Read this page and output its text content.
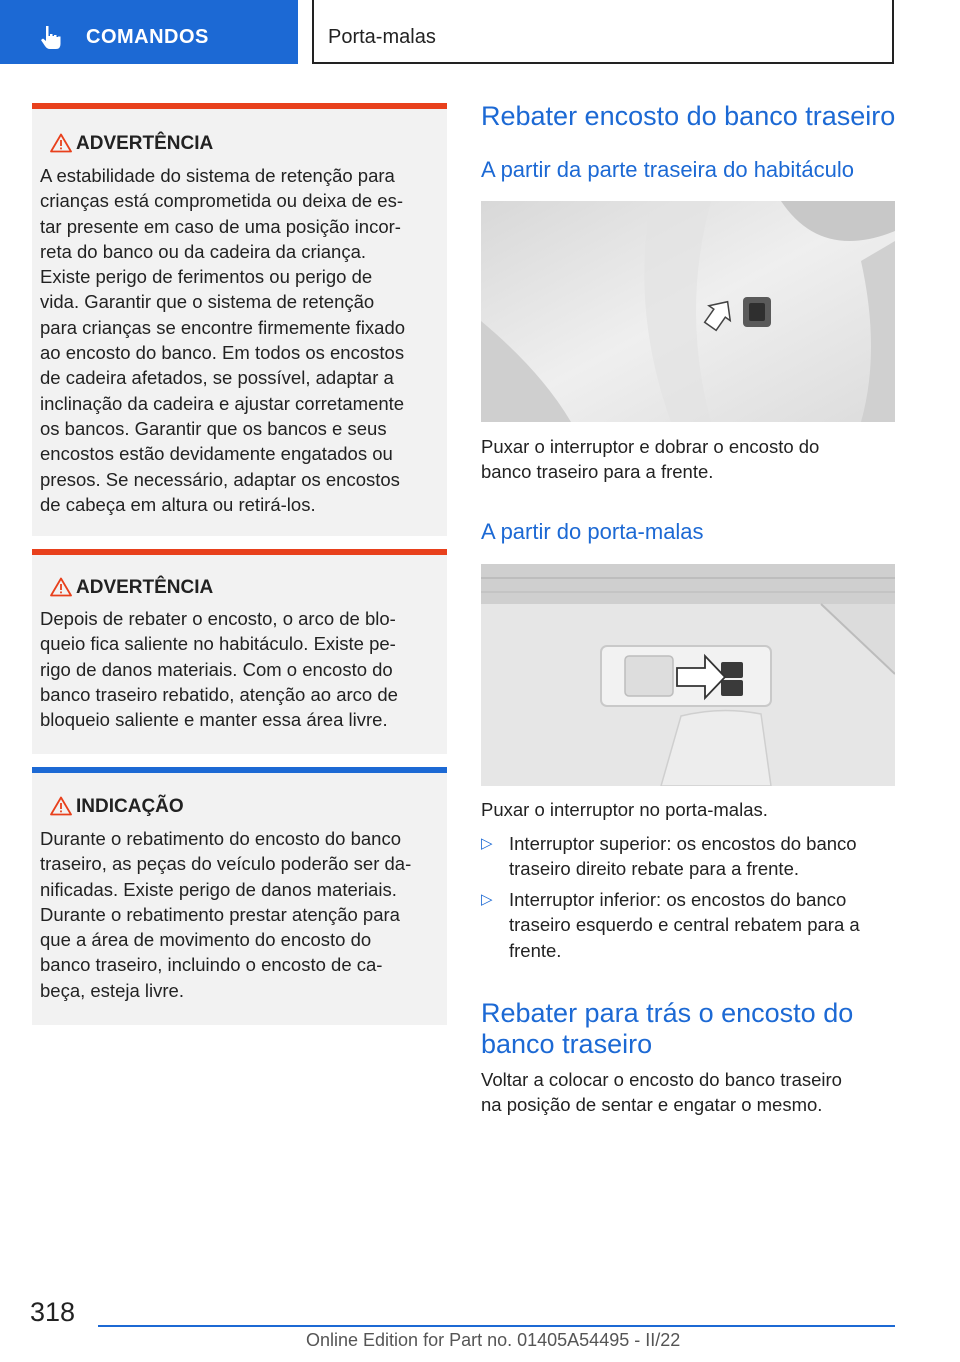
COMANDOS	Porta-malas
ADVERTÊNCIA
A estabilidade do sistema de retenção para
crianças está comprometida ou deixa de es-
tar presente em caso de uma posição incor-
reta do banco ou da cadeira da criança.
Existe perigo de ferimentos ou perigo de
vida. Garantir que o sistema de retenção
para crianças se encontre firmemente fixado
ao encosto do banco. Em todos os encostos
de cadeira afetados, se possível, adaptar a
inclinação da cadeira e ajustar corretamente
os bancos. Garantir que os bancos e seus
encostos estão devidamente engatados ou
presos. Se necessário, adaptar os encostos
de cabeça em altura ou retirá-los.
ADVERTÊNCIA
Depois de rebater o encosto, o arco de blo-
queio fica saliente no habitáculo. Existe pe-
rigo de danos materiais. Com o encosto do
banco traseiro rebatido, atenção ao arco de
bloqueio saliente e manter essa área livre.
INDICAÇÃO
Durante o rebatimento do encosto do banco
traseiro, as peças do veículo poderão ser da-
nificadas. Existe perigo de danos materiais.
Durante o rebatimento prestar atenção para
que a área de movimento do encosto do
banco traseiro, incluindo o encosto de ca-
beça, esteja livre.
Rebater encosto do banco traseiro
A partir da parte traseira do habitáculo
Puxar o interruptor e dobrar o encosto do
banco traseiro para a frente.
A partir do porta-malas
Puxar o interruptor no porta-malas.
▷ Interruptor superior: os encostos do banco
traseiro direito rebate para a frente.
▷ Interruptor inferior: os encostos do banco
traseiro esquerdo e central rebatem para a
frente.
Rebater para trás o encosto do
banco traseiro
Voltar a colocar o encosto do banco traseiro
na posição de sentar e engatar o mesmo.
318
Online Edition for Part no. 01405A54495 - II/22
